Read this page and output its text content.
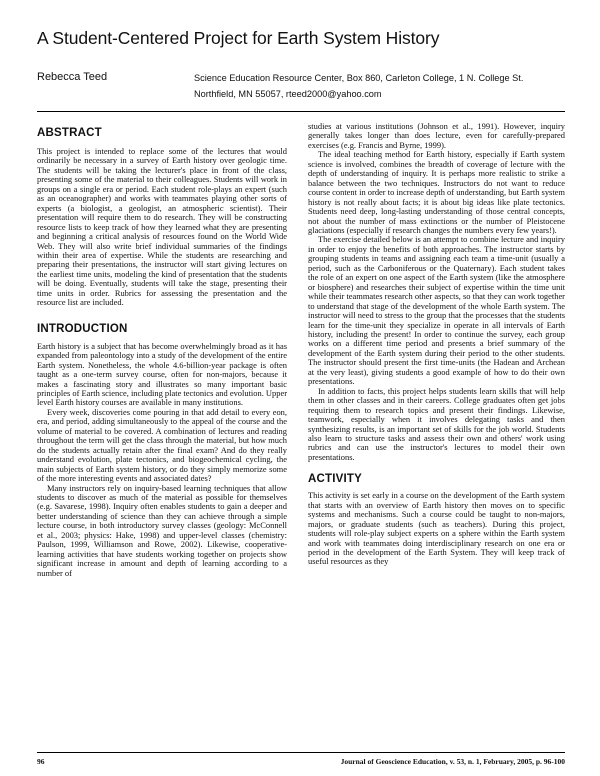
A Student-Centered Project for Earth System History
Rebecca Teed	Science Education Resource Center, Box 860, Carleton College, 1 N. College St.
Northfield, MN 55057, rteed2000@yahoo.com
ABSTRACT

This project is intended to replace some of the lectures that would ordinarily be necessary in a survey of Earth history over geologic time. The students will be taking the lecturer's place in front of the class, presenting some of the material to their colleagues. Students will work in groups on a single era or period. Each student role-plays an expert (such as an oceanographer) and works with teammates playing other sorts of experts (a biologist, a geologist, an atmospheric scientist). Their presentation will require them to do research. They will be constructing resource lists to keep track of how they learned what they are presenting and beginning a critical analysis of resources found on the World Wide Web. They will also write brief individual summaries of the findings within their area of expertise. While the students are researching and preparing their presentations, the instructor will start giving lectures on the earliest time units, modeling the kind of presentation that the students will be doing. Eventually, students will take the stage, presenting their time units in order. Rubrics for assessing the presentation and the resource list are included.

INTRODUCTION

Earth history is a subject that has become overwhelmingly broad as it has expanded from paleontology into a study of the development of the entire Earth system. Nonetheless, the whole 4.6-billion-year package is often taught as a one-term survey course, often for non-majors, because it makes a fascinating story and illustrates so many important basic principles of Earth science, including plate tectonics and evolution. Upper level Earth history courses are available in many institutions.

Every week, discoveries come pouring in that add detail to every eon, era, and period, adding simultaneously to the appeal of the course and the volume of material to be covered. A combination of lectures and reading throughout the term will get the class through the material, but how much do the students actually retain after the final exam? And do they really understand evolution, plate tectonics, and biogeochemical cycling, the main subjects of Earth system history, or do they simply memorize some of the more interesting events and associated dates?

Many instructors rely on inquiry-based learning techniques that allow students to discover as much of the material as possible for themselves (e.g. Savarese, 1998). Inquiry often enables students to gain a deeper and better understanding of science than they can achieve through a simple lecture course, in both introductory survey classes (geology: McConnell et al., 2003; physics: Hake, 1998) and upper-level classes (chemistry: Paulson, 1999, Williamson and Rowe, 2002). Likewise, cooperative-learning activities that have students working together on projects show significant increase in amount and depth of learning according to a number of

studies at various institutions (Johnson et al., 1991). However, inquiry generally takes longer than does lecture, even for carefully-prepared exercises (e.g. Francis and Byrne, 1999).

The ideal teaching method for Earth history, especially if Earth system science is involved, combines the breadth of coverage of lecture with the depth of understanding of inquiry. It is perhaps more realistic to strike a balance between the two techniques. Instructors do not want to reduce course content in order to increase depth of understanding, but Earth system history is not really about facts; it is about big ideas like plate tectonics. Students need deep, long-lasting understanding of those central concepts, not about the number of mass extinctions or the number of Pleistocene glaciations (especially if research changes the numbers every few years!).

The exercise detailed below is an attempt to combine lecture and inquiry in order to enjoy the benefits of both approaches. The instructor starts by grouping students in teams and assigning each team a time-unit (usually a period, such as the Carboniferous or the Quaternary). Each student takes the role of an expert on one aspect of the Earth system (like the atmosphere or biosphere) and researches their subject of expertise within the time unit while their teammates research other aspects, so that they can work together to understand that stage of the development of the whole Earth system. The instructor will need to stress to the group that the processes that the students learn for the time-unit they specialize in operate in all intervals of Earth history, including the present! In order to continue the survey, each group works on a different time period and presents a brief summary of the development of the Earth system during their period to the other students. The instructor should present the first time-units (the Hadean and Archean at the very least), giving students a good example of how to do their own presentations.

In addition to facts, this project helps students learn skills that will help them in other classes and in their careers. College graduates often get jobs requiring them to research topics and present their findings. Likewise, teamwork, especially when it involves delegating tasks and then synthesizing results, is an important set of skills for the job world. Students also learn to structure tasks and assess their own and others' work using rubrics and can use the instructor's lectures to model their own presentations.

ACTIVITY

This activity is set early in a course on the development of the Earth system that starts with an overview of Earth history then moves on to specific systems and mechanisms. Such a course could be taught to non-majors, majors, or graduate students (such as teachers). During this project, students will role-play subject experts on a sphere within the Earth system and work with teammates doing interdisciplinary research on one era or period in the development of the Earth System. They will keep track of useful resources as they

96	Journal of Geoscience Education, v. 53, n. 1, February, 2005, p. 96-100
